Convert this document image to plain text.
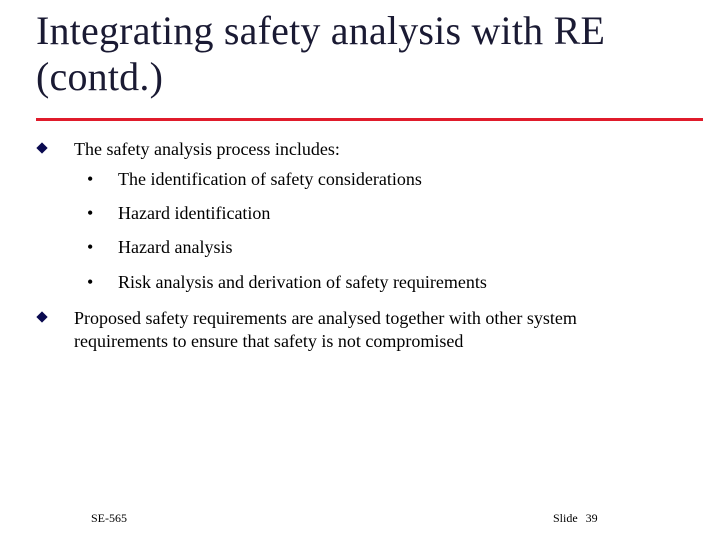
Integrating safety analysis with RE
(contd.)
The safety analysis process includes:
• The identification of safety considerations
• Hazard identification
• Hazard analysis
• Risk analysis and derivation of safety requirements
Proposed safety requirements are analysed together with other system
requirements to ensure that safety is not compromised
SE-565	Slide 39
